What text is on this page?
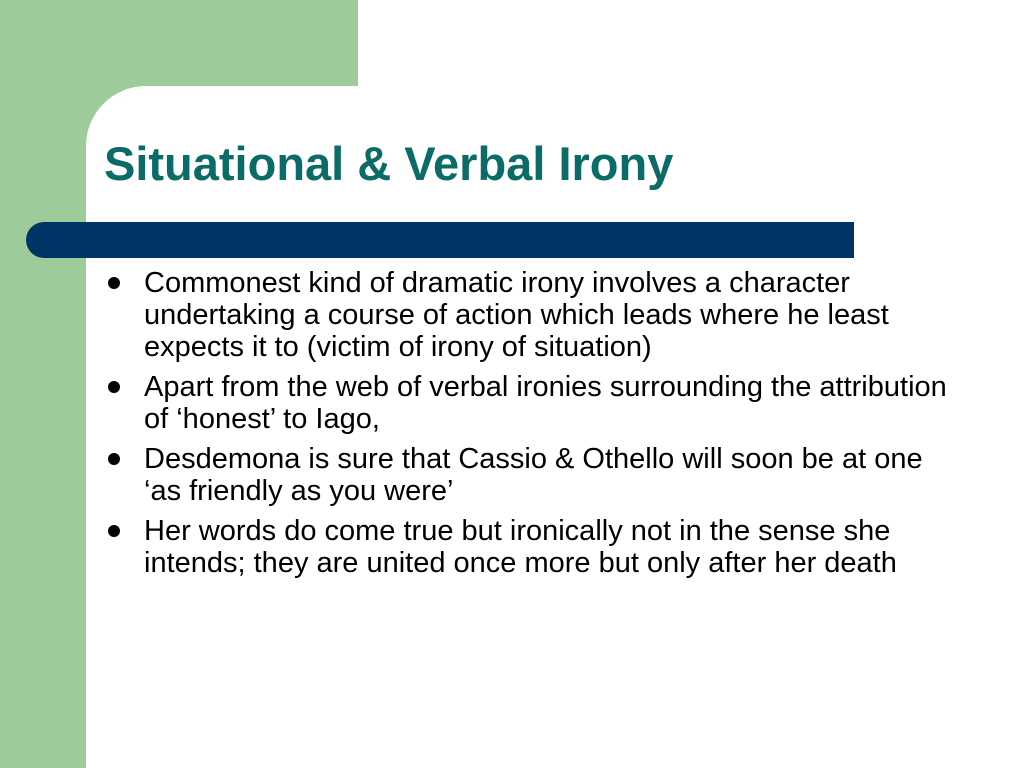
Situational & Verbal Irony
Commonest kind of dramatic irony involves a character undertaking a course of action which leads where he least expects it to (victim of irony of situation)
Apart from the web of verbal ironies surrounding the attribution of ‘honest’ to Iago,
Desdemona is sure that Cassio & Othello will soon be at one ‘as friendly as you were’
Her words do come true but ironically not in the sense she intends; they are united once more but only after her death
